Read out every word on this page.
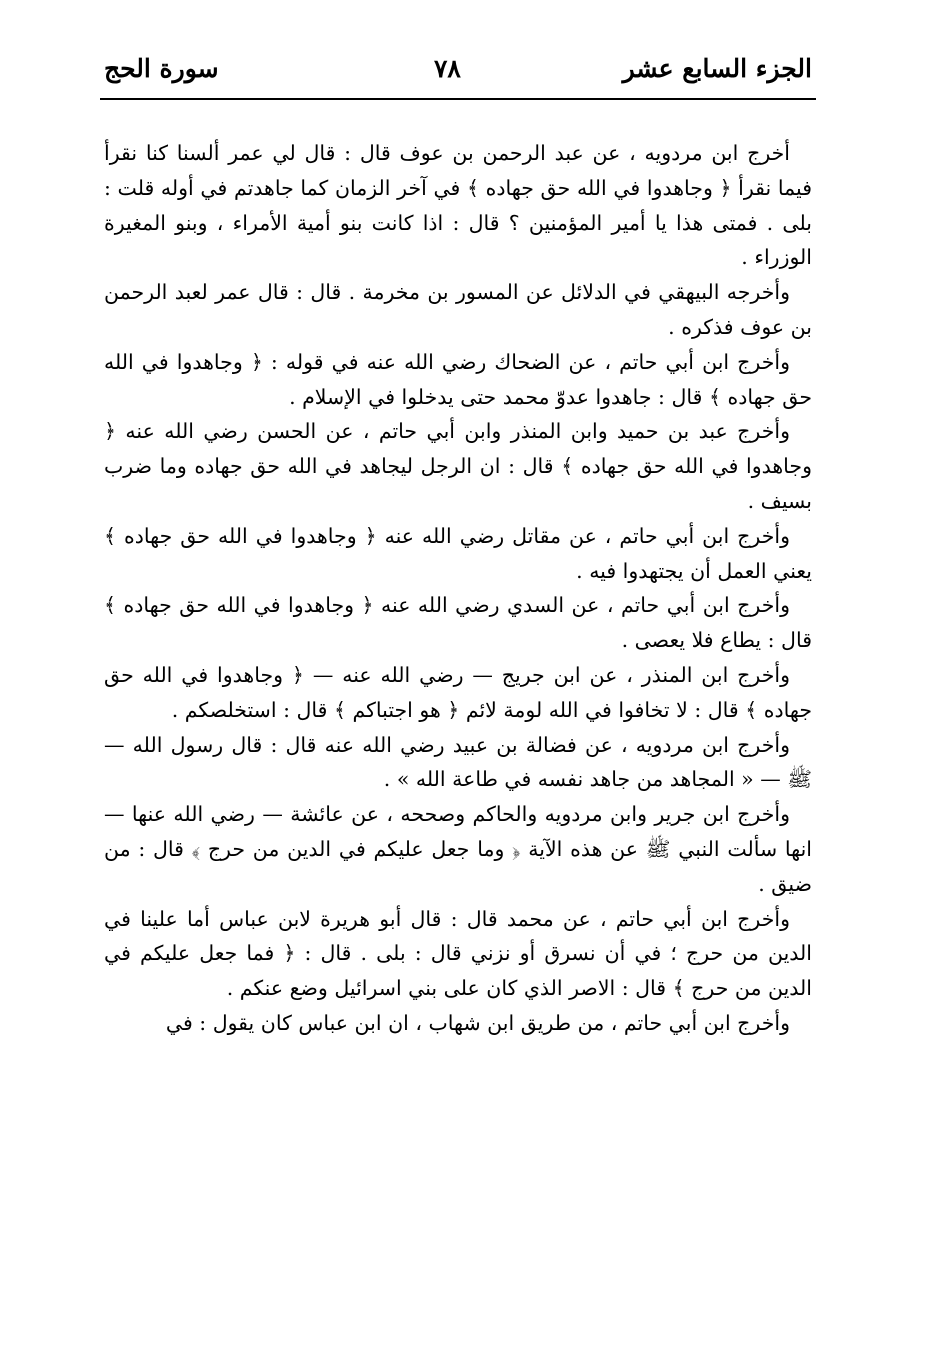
الجزء السابع عشر
٧٨
سورة الحج

أخرج ابن مردويه ، عن عبد الرحمن بن عوف قال : قال لي عمر ألسنا كنا نقرأ فيما نقرأ ﴿ وجاهدوا في الله حق جهاده ﴾ في آخر الزمان كما جاهدتم في أوله قلت : بلى . فمتى هذا يا أمير المؤمنين ؟ قال : اذا كانت بنو أمية الأمراء ، وبنو المغيرة الوزراء .

وأخرجه البيهقي في الدلائل عن المسور بن مخرمة . قال : قال عمر لعبد الرحمن بن عوف فذكره .

وأخرج ابن أبي حاتم ، عن الضحاك رضي الله عنه في قوله : ﴿ وجاهدوا في الله حق جهاده ﴾ قال : جاهدوا عدوّ محمد حتى يدخلوا في الإسلام .

وأخرج عبد بن حميد وابن المنذر وابن أبي حاتم ، عن الحسن رضي الله عنه ﴿ وجاهدوا في الله حق جهاده ﴾ قال : ان الرجل ليجاهد في الله حق جهاده وما ضرب بسيف .

وأخرج ابن أبي حاتم ، عن مقاتل رضي الله عنه ﴿ وجاهدوا في الله حق جهاده ﴾ يعني العمل أن يجتهدوا فيه .

وأخرج ابن أبي حاتم ، عن السدي رضي الله عنه ﴿ وجاهدوا في الله حق جهاده ﴾ قال : يطاع فلا يعصى .

وأخرج ابن المنذر ، عن ابن جريج — رضي الله عنه — ﴿ وجاهدوا في الله حق جهاده ﴾ قال : لا تخافوا في الله لومة لائم ﴿ هو اجتباكم ﴾ قال : استخلصكم .

وأخرج ابن مردويه ، عن فضالة بن عبيد رضي الله عنه قال : قال رسول الله — ﷺ — « المجاهد من جاهد نفسه في طاعة الله » .

وأخرج ابن جرير وابن مردويه والحاكم وصححه ، عن عائشة — رضي الله عنها — انها سألت النبي ﷺ عن هذه الآية ﴿ وما جعل عليكم في الدين من حرج ﴾ قال : من ضيق .

وأخرج ابن أبي حاتم ، عن محمد قال : قال أبو هريرة لابن عباس أما علينا في الدين من حرج ؛ في أن نسرق أو نزني قال : بلى . قال : ﴿ فما جعل عليكم في الدين من حرج ﴾ قال : الاصر الذي كان على بني اسرائيل وضع عنكم .

وأخرج ابن أبي حاتم ، من طريق ابن شهاب ، ان ابن عباس كان يقول : في
